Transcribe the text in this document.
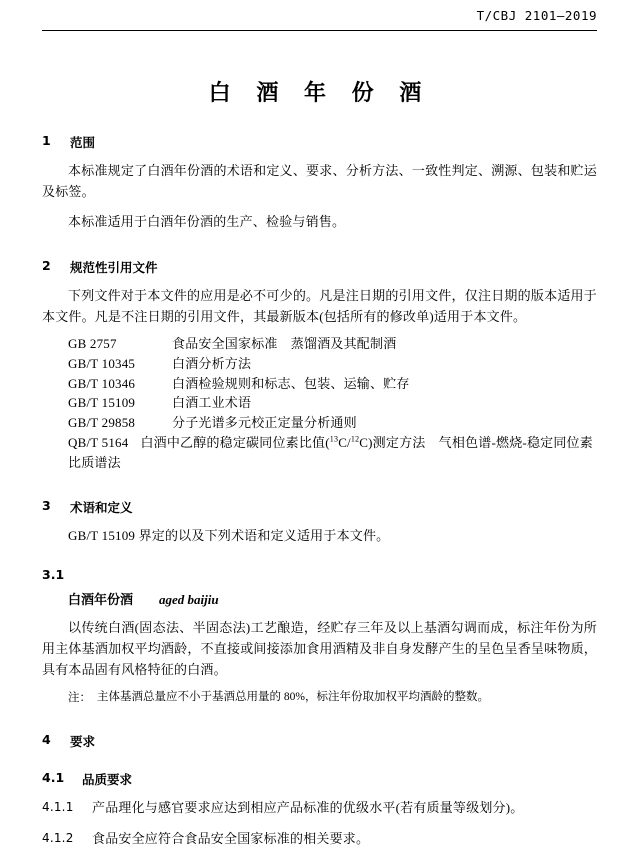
T/CBJ 2101—2019
白 酒 年 份 酒
1	范围

本标准规定了白酒年份酒的术语和定义、要求、分析方法、一致性判定、溯源、包装和贮运及标签。

本标准适用于白酒年份酒的生产、检验与销售。

2	规范性引用文件

下列文件对于本文件的应用是必不可少的。凡是注日期的引用文件，仅注日期的版本适用于本文件。凡是不注日期的引用文件，其最新版本(包括所有的修改单)适用于本文件。

GB 2757	食品安全国家标准　蒸馏酒及其配制酒
GB/T 10345	白酒分析方法
GB/T 10346	白酒检验规则和标志、包装、运输、贮存
GB/T 15109	白酒工业术语
GB/T 29858	分子光谱多元校正定量分析通则
QB/T 5164 白酒中乙醇的稳定碳同位素比值($^{13}$C/$^{12}$C)测定方法　气相色谱-燃烧-稳定同位素比质谱法
3	术语和定义

GB/T 15109 界定的以及下列术语和定义适用于本文件。

3.1
白酒年份酒 aged baijiu

以传统白酒(固态法、半固态法)工艺酿造，经贮存三年及以上基酒勾调而成，标注年份为所用主体基酒加权平均酒龄，不直接或间接添加食用酒精及非自身发酵产生的呈色呈香呈味物质，具有本品固有风格特征的白酒。

注： 主体基酒总量应不小于基酒总用量的 80%，标注年份取加权平均酒龄的整数。
4	要求
4.1	品质要求
4.1.1	产品理化与感官要求应达到相应产品标准的优级水平(若有质量等级划分)。
4.1.2	食品安全应符合食品安全国家标准的相关要求。
